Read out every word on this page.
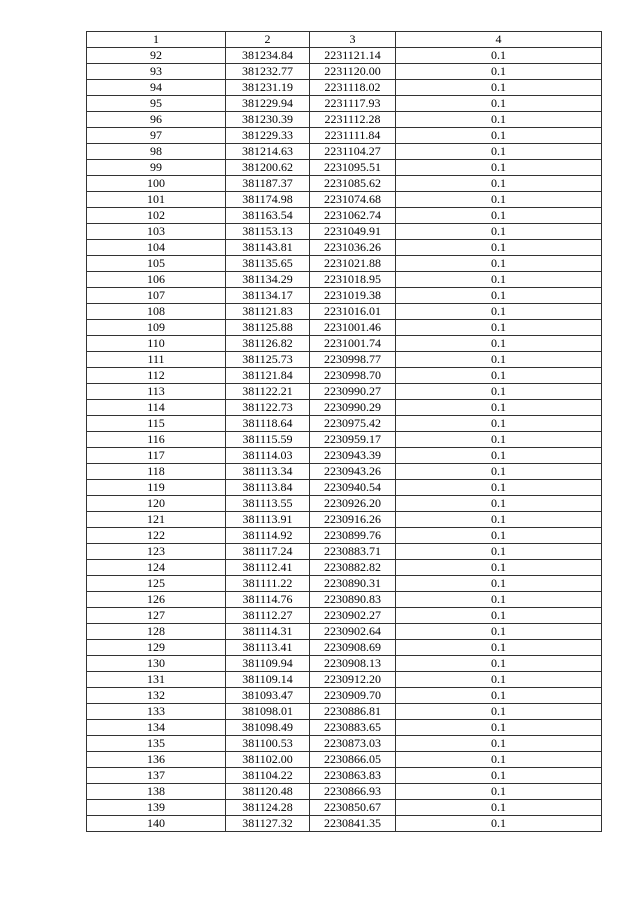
1	2	3	4
92	381234.84	2231121.14	0.1
93	381232.77	2231120.00	0.1
94	381231.19	2231118.02	0.1
95	381229.94	2231117.93	0.1
96	381230.39	2231112.28	0.1
97	381229.33	2231111.84	0.1
98	381214.63	2231104.27	0.1
99	381200.62	2231095.51	0.1
100	381187.37	2231085.62	0.1
101	381174.98	2231074.68	0.1
102	381163.54	2231062.74	0.1
103	381153.13	2231049.91	0.1
104	381143.81	2231036.26	0.1
105	381135.65	2231021.88	0.1
106	381134.29	2231018.95	0.1
107	381134.17	2231019.38	0.1
108	381121.83	2231016.01	0.1
109	381125.88	2231001.46	0.1
110	381126.82	2231001.74	0.1
111	381125.73	2230998.77	0.1
112	381121.84	2230998.70	0.1
113	381122.21	2230990.27	0.1
114	381122.73	2230990.29	0.1
115	381118.64	2230975.42	0.1
116	381115.59	2230959.17	0.1
117	381114.03	2230943.39	0.1
118	381113.34	2230943.26	0.1
119	381113.84	2230940.54	0.1
120	381113.55	2230926.20	0.1
121	381113.91	2230916.26	0.1
122	381114.92	2230899.76	0.1
123	381117.24	2230883.71	0.1
124	381112.41	2230882.82	0.1
125	381111.22	2230890.31	0.1
126	381114.76	2230890.83	0.1
127	381112.27	2230902.27	0.1
128	381114.31	2230902.64	0.1
129	381113.41	2230908.69	0.1
130	381109.94	2230908.13	0.1
131	381109.14	2230912.20	0.1
132	381093.47	2230909.70	0.1
133	381098.01	2230886.81	0.1
134	381098.49	2230883.65	0.1
135	381100.53	2230873.03	0.1
136	381102.00	2230866.05	0.1
137	381104.22	2230863.83	0.1
138	381120.48	2230866.93	0.1
139	381124.28	2230850.67	0.1
140	381127.32	2230841.35	0.1
